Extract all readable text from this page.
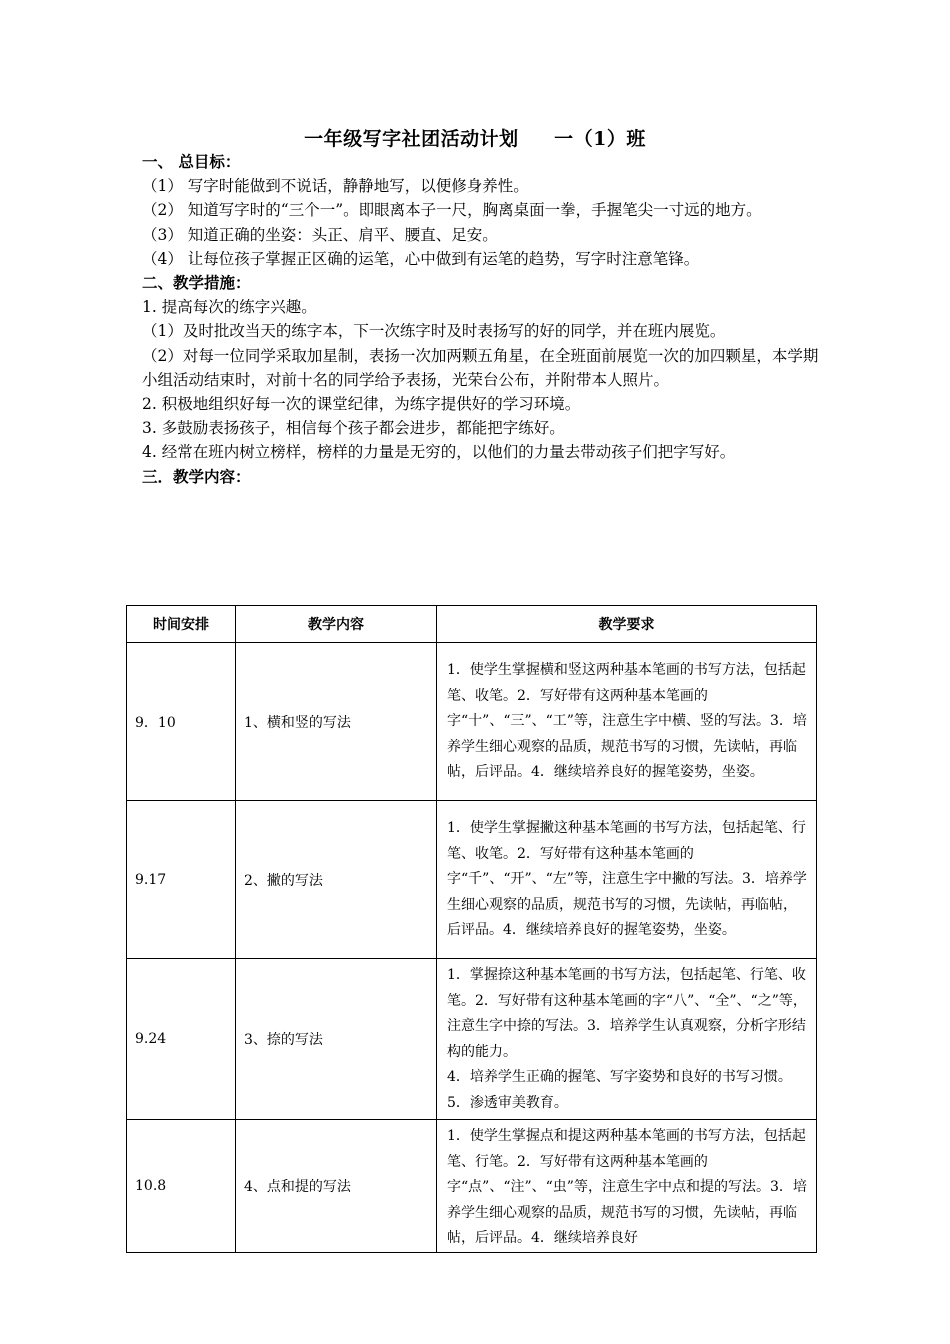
一年级写字社团活动计划     一（1）班

一、 总目标：

（1） 写字时能做到不说话，静静地写，以便修身养性。

（2） 知道写字时的“三个一”。即眼离本子一尺，胸离桌面一拳，手握笔尖一寸远的地方。

（3） 知道正确的坐姿：头正、肩平、腰直、足安。

（4） 让每位孩子掌握正区确的运笔，心中做到有运笔的趋势，写字时注意笔锋。

二、教学措施：

1. 提高每次的练字兴趣。

（1）及时批改当天的练字本，下一次练字时及时表扬写的好的同学，并在班内展览。

（2）对每一位同学采取加星制，表扬一次加两颗五角星，在全班面前展览一次的加四颗星，本学期小组活动结束时，对前十名的同学给予表扬，光荣台公布，并附带本人照片。

2. 积极地组织好每一次的课堂纪律，为练字提供好的学习环境。

3. 多鼓励表扬孩子，相信每个孩子都会进步，都能把字练好。

4. 经常在班内树立榜样，榜样的力量是无穷的，以他们的力量去带动孩子们把字写好。

三．教学内容：

时间安排	教学内容	教学要求
9．10	1、横和竖的写法	1．使学生掌握横和竖这两种基本笔画的书写方法，包括起笔、收笔。2．写好带有这两种基本笔画的字“十”、“三”、“工”等，注意生字中横、竖的写法。3．培养学生细心观察的品质，规范书写的习惯，先读帖，再临帖，后评品。4．继续培养良好的握笔姿势，坐姿。
9.17	2、撇的写法	1．使学生掌握撇这种基本笔画的书写方法，包括起笔、行笔、收笔。2．写好带有这种基本笔画的字“千”、“开”、“左”等，注意生字中撇的写法。3．培养学生细心观察的品质，规范书写的习惯，先读帖，再临帖，后评品。4．继续培养良好的握笔姿势，坐姿。
9.24	3、捺的写法	1．掌握捺这种基本笔画的书写方法，包括起笔、行笔、收笔。2．写好带有这种基本笔画的字“八”、“全”、“之”等，注意生字中捺的写法。3．培养学生认真观察，分析字形结构的能力。
4．培养学生正确的握笔、写字姿势和良好的书写习惯。5．渗透审美教育。
10.8	4、点和提的写法	1．使学生掌握点和提这两种基本笔画的书写方法，包括起笔、行笔。2．写好带有这两种基本笔画的字“点”、“注”、“虫”等，注意生字中点和提的写法。3．培养学生细心观察的品质，规范书写的习惯，先读帖，再临帖，后评品。4．继续培养良好
